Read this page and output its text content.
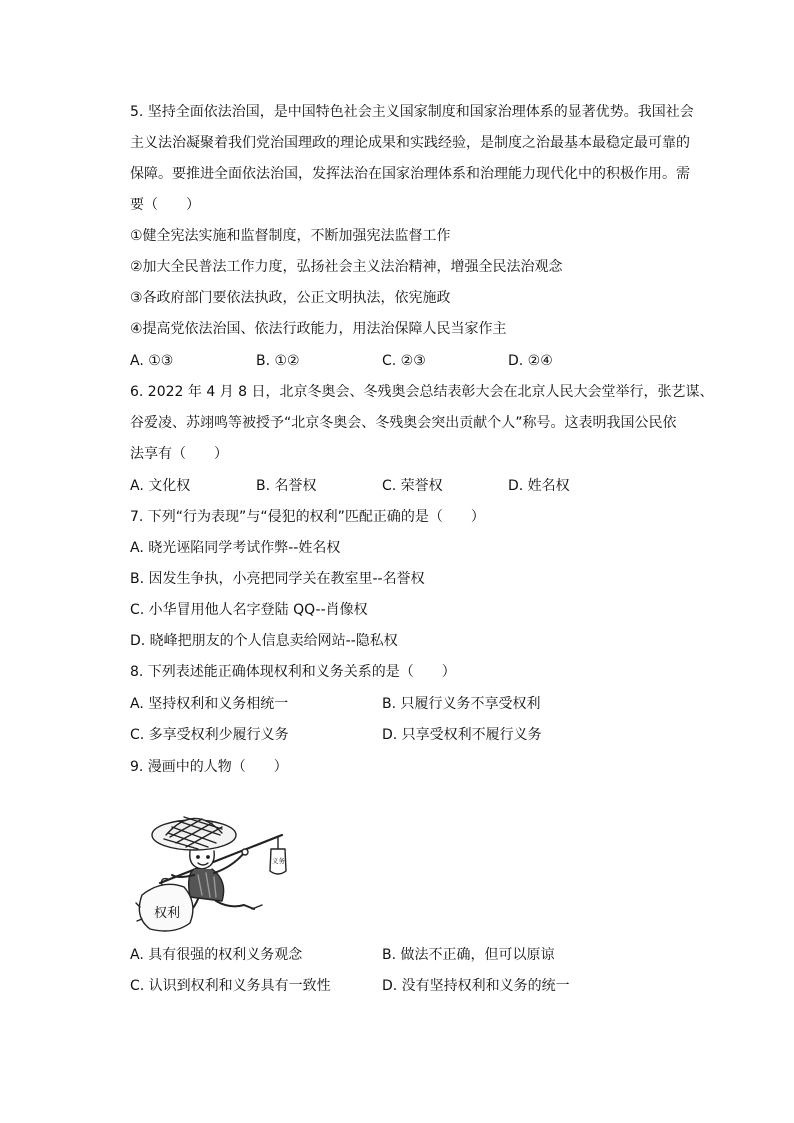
5. 坚持全面依法治国，是中国特色社会主义国家制度和国家治理体系的显著优势。我国社会
主义法治凝聚着我们党治国理政的理论成果和实践经验，是制度之治最基本最稳定最可靠的
保障。要推进全面依法治国，发挥法治在国家治理体系和治理能力现代化中的积极作用。需
要（　　）
①健全宪法实施和监督制度，不断加强宪法监督工作
②加大全民普法工作力度，弘扬社会主义法治精神，增强全民法治观念
③各政府部门要依法执政，公正文明执法，依宪施政
④提高党依法治国、依法行政能力，用法治保障人民当家作主
A. ①③	B. ①②	C. ②③	D. ②④
6. 2022 年 4 月 8 日，北京冬奥会、冬残奥会总结表彰大会在北京人民大会堂举行，张艺谋、
谷爱凌、苏翊鸣等被授予“北京冬奥会、冬残奥会突出贡献个人”称号。这表明我国公民依
法享有（　　）
A. 文化权	B. 名誉权	C. 荣誉权	D. 姓名权
7. 下列“行为表现”与“侵犯的权利”匹配正确的是（　　）
A. 晓光诬陷同学考试作弊--姓名权
B. 因发生争执，小亮把同学关在教室里--名誉权
C. 小华冒用他人名字登陆 QQ--肖像权
D. 晓峰把朋友的个人信息卖给网站--隐私权
8. 下列表述能正确体现权利和义务关系的是（　　）
A. 坚持权利和义务相统一	B. 只履行义务不享受权利
C. 多享受权利少履行义务	D. 只享受权利不履行义务
9. 漫画中的人物（　　）
权利
义务
A. 具有很强的权利义务观念	B. 做法不正确，但可以原谅
C. 认识到权利和义务具有一致性	D. 没有坚持权利和义务的统一
